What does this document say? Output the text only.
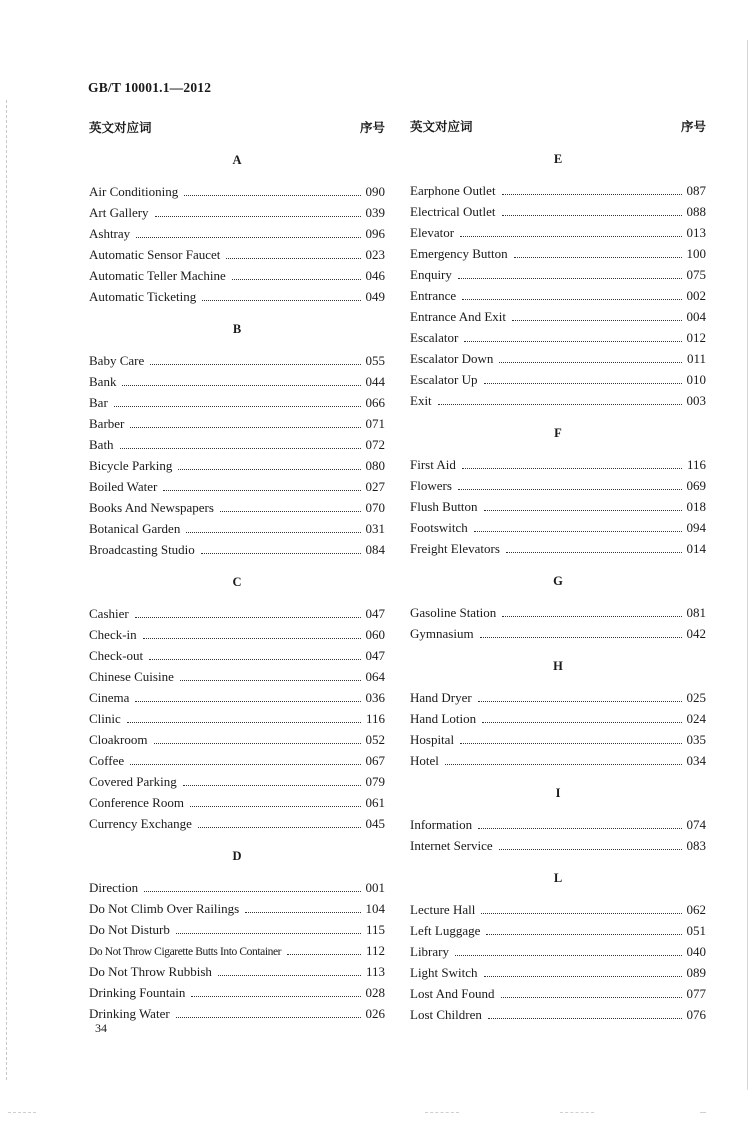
GB/T 10001.1—2012
英文对应词	序号
A
Air Conditioning	090
Art Gallery	039
Ashtray	096
Automatic Sensor Faucet	023
Automatic Teller Machine	046
Automatic Ticketing	049
B
Baby Care	055
Bank	044
Bar	066
Barber	071
Bath	072
Bicycle Parking	080
Boiled Water	027
Books And Newspapers	070
Botanical Garden	031
Broadcasting Studio	084
C
Cashier	047
Check-in	060
Check-out	047
Chinese Cuisine	064
Cinema	036
Clinic	116
Cloakroom	052
Coffee	067
Covered Parking	079
Conference Room	061
Currency Exchange	045
D
Direction	001
Do Not Climb Over Railings	104
Do Not Disturb	115
Do Not Throw Cigarette Butts Into Container	112
Do Not Throw Rubbish	113
Drinking Fountain	028
Drinking Water	026
英文对应词	序号
E
Earphone Outlet	087
Electrical Outlet	088
Elevator	013
Emergency Button	100
Enquiry	075
Entrance	002
Entrance And Exit	004
Escalator	012
Escalator Down	011
Escalator Up	010
Exit	003
F
First Aid	116
Flowers	069
Flush Button	018
Footswitch	094
Freight Elevators	014
G
Gasoline Station	081
Gymnasium	042
H
Hand Dryer	025
Hand Lotion	024
Hospital	035
Hotel	034
I
Information	074
Internet Service	083
L
Lecture Hall	062
Left Luggage	051
Library	040
Light Switch	089
Lost And Found	077
Lost Children	076
34
